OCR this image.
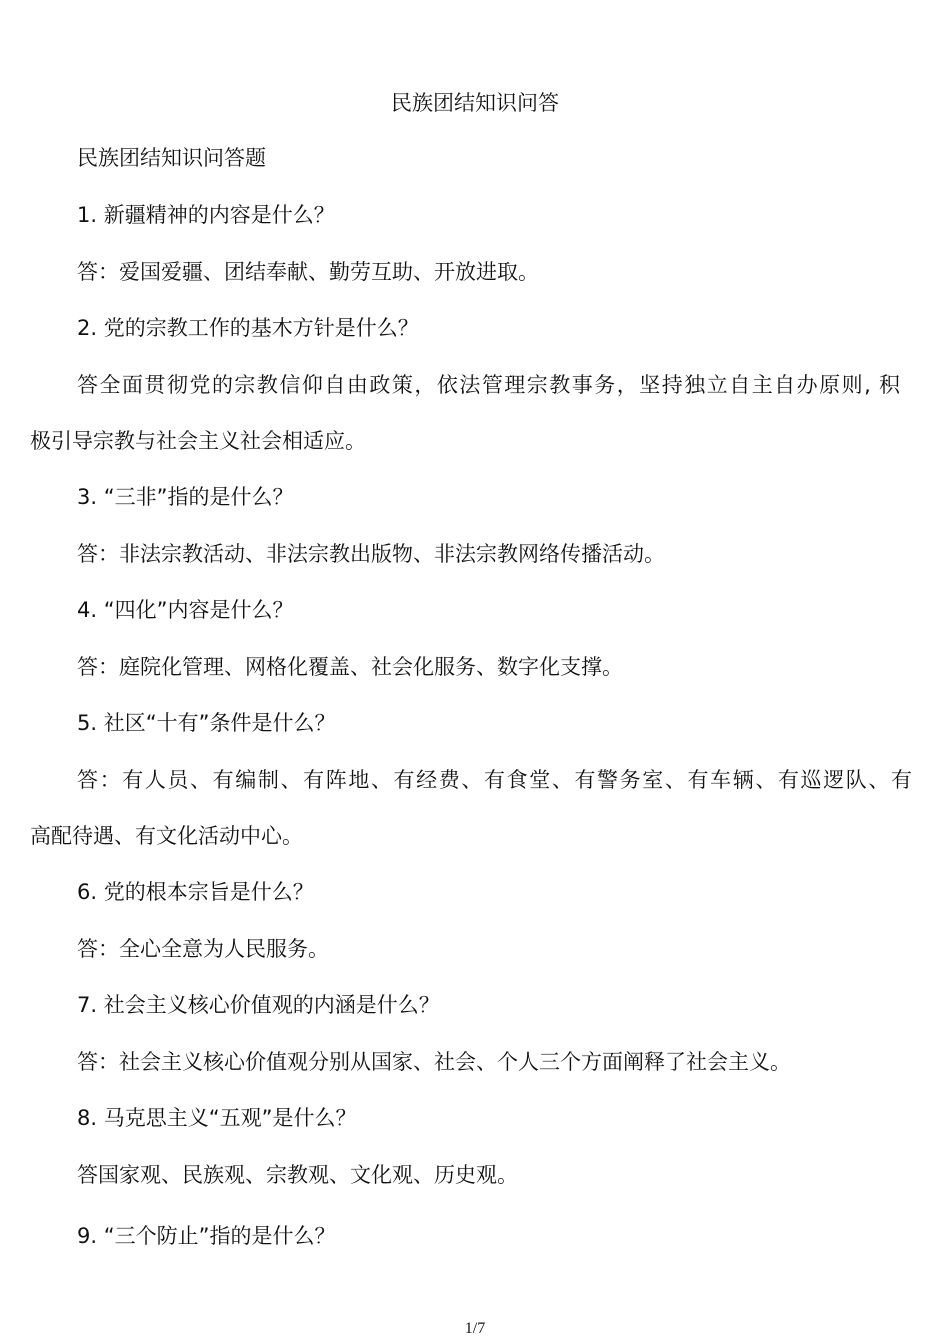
民族团结知识问答
民族团结知识问答题
1. 新疆精神的内容是什么？
答：爱国爱疆、团结奉献、勤劳互助、开放进取。
2. 党的宗教工作的基木方针是什么？
答全面贯彻党的宗教信仰自由政策，依法管理宗教事务，坚持独立自主自办原则, 积
极引导宗教与社会主义社会相适应。
3. “三非”指的是什么？
答：非法宗教活动、非法宗教出版物、非法宗教网络传播活动。
4. “四化”内容是什么？
答：庭院化管理、网格化覆盖、社会化服务、数字化支撑。
5. 社区“十有”条件是什么？
答：有人员、有编制、有阵地、有经费、有食堂、有警务室、有车辆、有巡逻队、有
高配待遇、有文化活动中心。
6. 党的根本宗旨是什么？
答：全心全意为人民服务。
7. 社会主义核心价值观的内涵是什么？
答：社会主义核心价值观分别从国家、社会、个人三个方面阐释了社会主义。
8. 马克思主义“五观”是什么？
答国家观、民族观、宗教观、文化观、历史观。
9. “三个防止”指的是什么？
1/7
